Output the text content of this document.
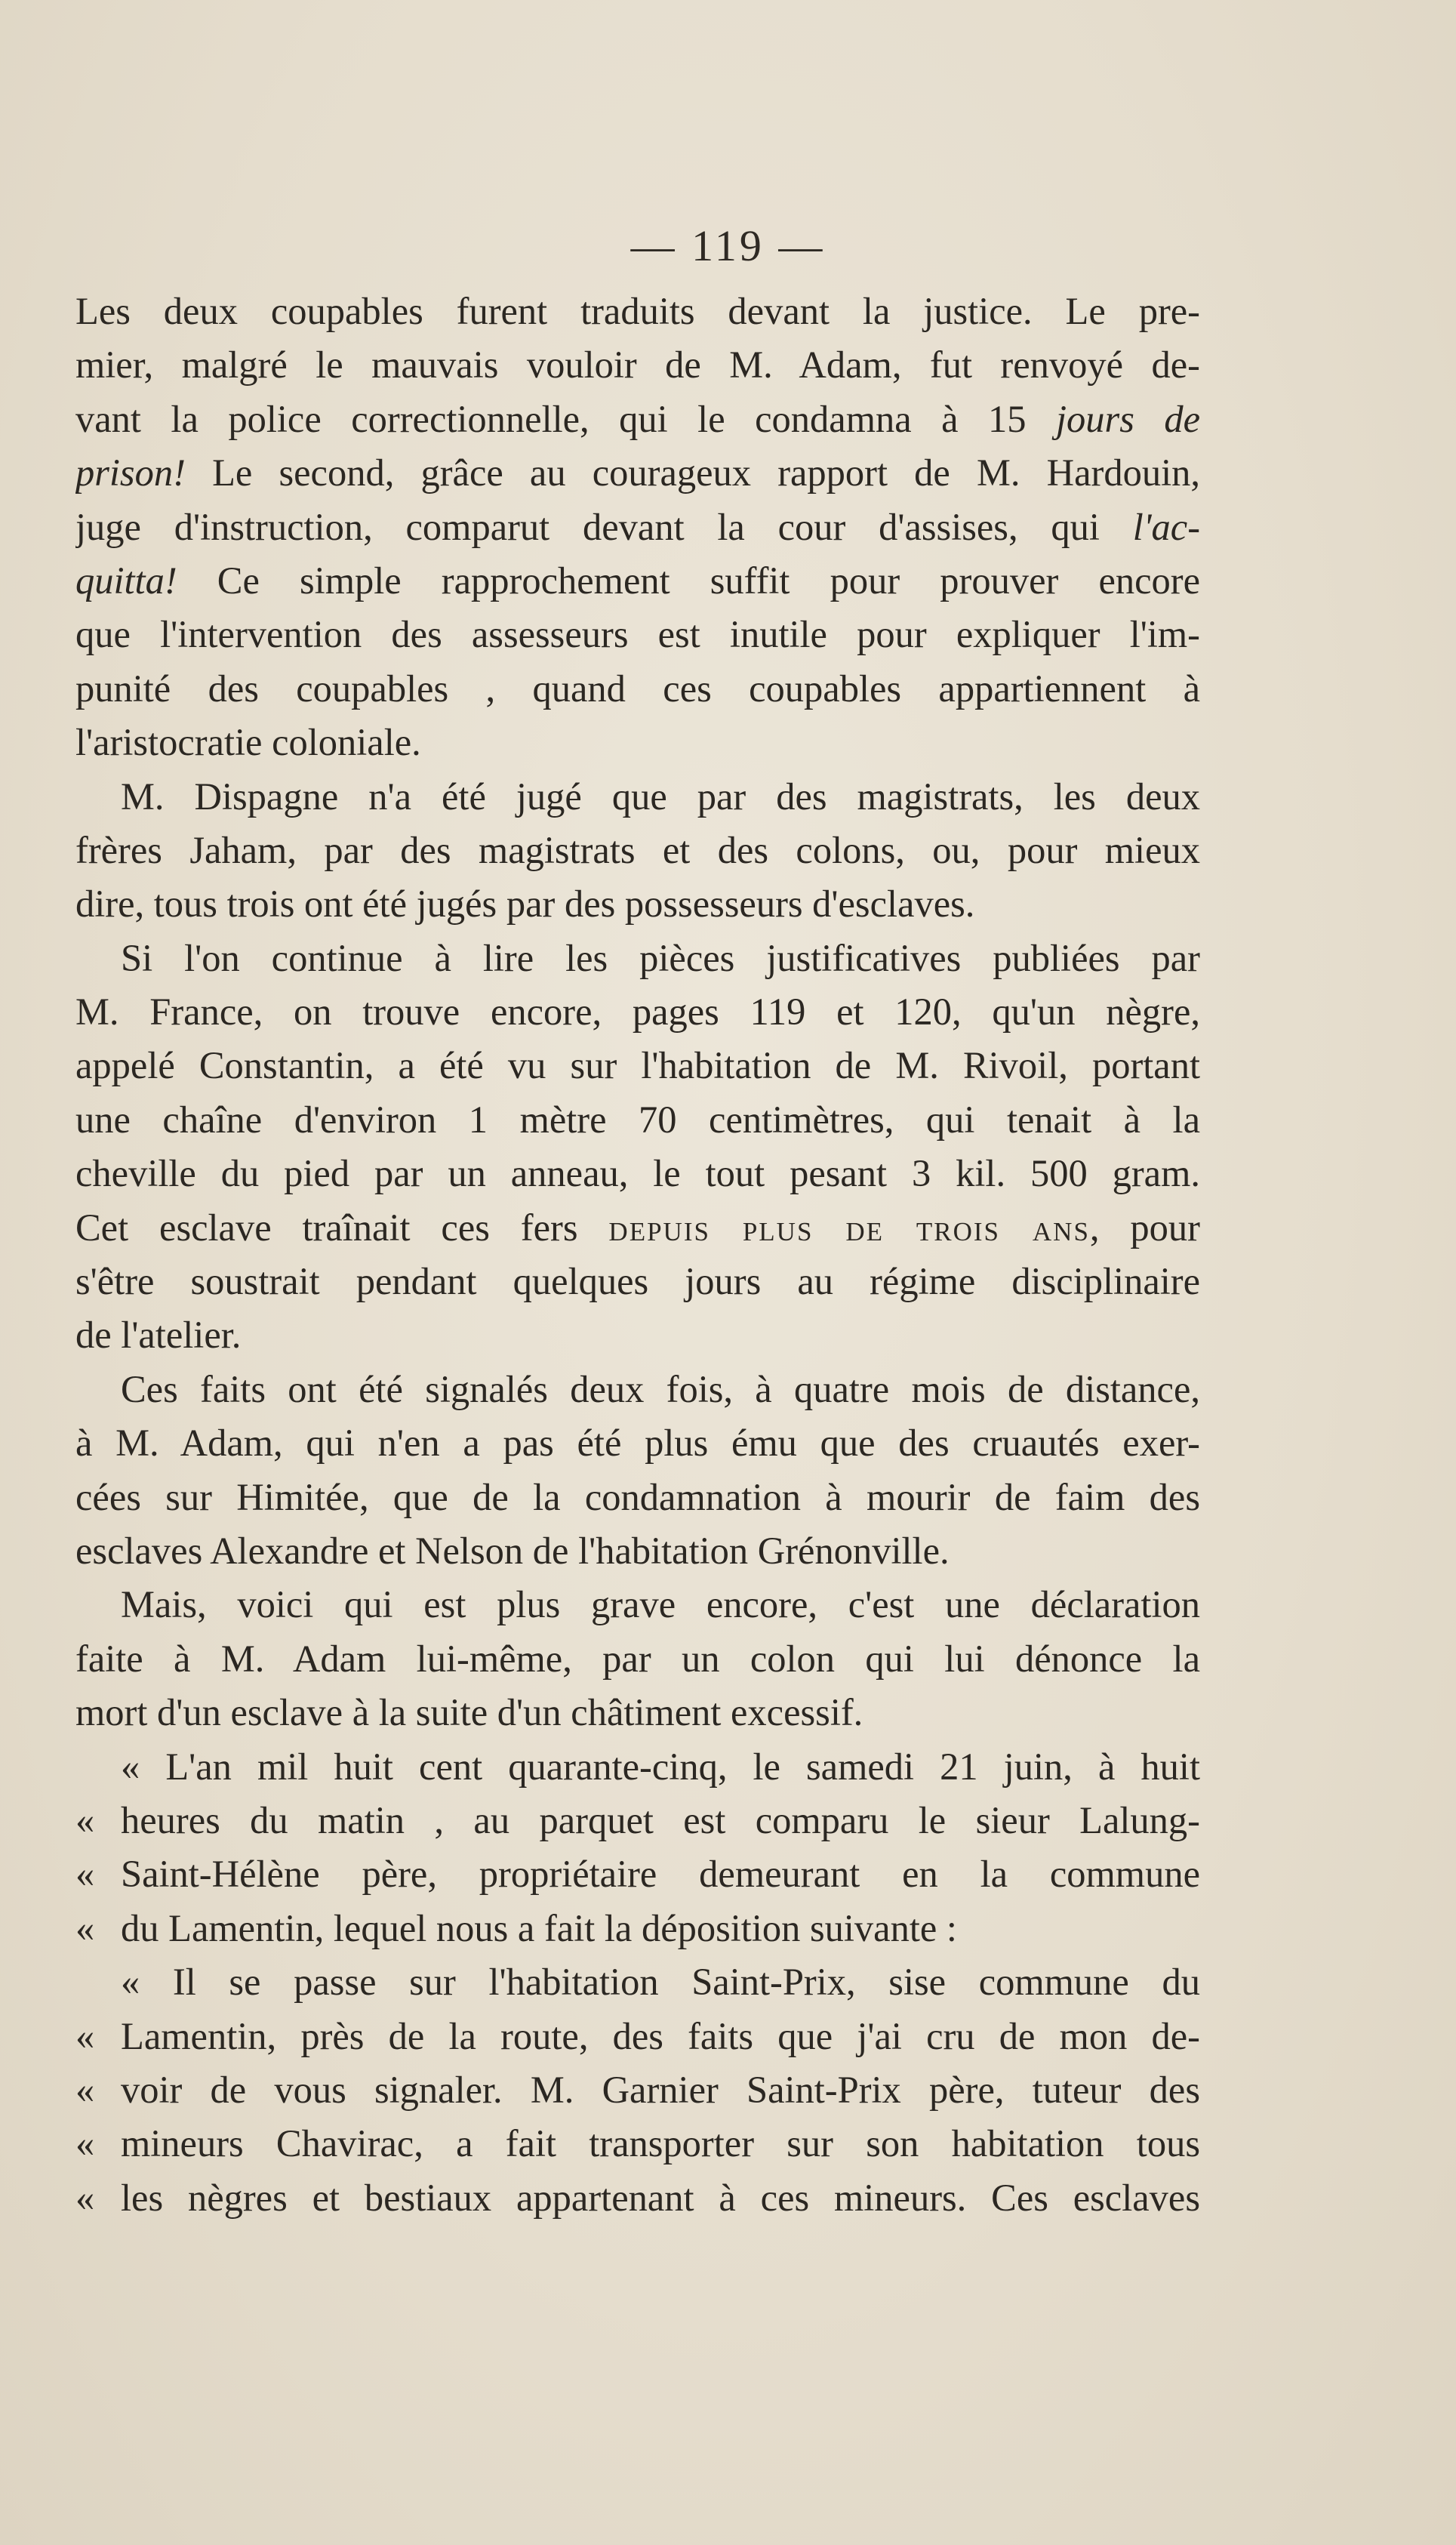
— 119 —
Les deux coupables furent traduits devant la justice. Le pre-
mier, malgré le mauvais vouloir de M. Adam, fut renvoyé de-
vant la police correctionnelle, qui le condamna à 15 jours de
prison! Le second, grâce au courageux rapport de M. Hardouin,
juge d'instruction, comparut devant la cour d'assises, qui l'ac-
quitta! Ce simple rapprochement suffit pour prouver encore
que l'intervention des assesseurs est inutile pour expliquer l'im-
punité des coupables , quand ces coupables appartiennent à
l'aristocratie coloniale.
M. Dispagne n'a été jugé que par des magistrats, les deux
frères Jaham, par des magistrats et des colons, ou, pour mieux
dire, tous trois ont été jugés par des possesseurs d'esclaves.
Si l'on continue à lire les pièces justificatives publiées par
M. France, on trouve encore, pages 119 et 120, qu'un nègre,
appelé Constantin, a été vu sur l'habitation de M. Rivoil, portant
une chaîne d'environ 1 mètre 70 centimètres, qui tenait à la
cheville du pied par un anneau, le tout pesant 3 kil. 500 gram.
Cet esclave traînait ces fers depuis plus de trois ans, pour
s'être soustrait pendant quelques jours au régime disciplinaire
de l'atelier.
Ces faits ont été signalés deux fois, à quatre mois de distance,
à M. Adam, qui n'en a pas été plus ému que des cruautés exer-
cées sur Himitée, que de la condamnation à mourir de faim des
esclaves Alexandre et Nelson de l'habitation Grénonville.
Mais, voici qui est plus grave encore, c'est une déclaration
faite à M. Adam lui-même, par un colon qui lui dénonce la
mort d'un esclave à la suite d'un châtiment excessif.
« L'an mil huit cent quarante-cinq, le samedi 21 juin, à huit
« heures du matin , au parquet est comparu le sieur Lalung-
« Saint-Hélène père, propriétaire demeurant en la commune
« du Lamentin, lequel nous a fait la déposition suivante :
« Il se passe sur l'habitation Saint-Prix, sise commune du
« Lamentin, près de la route, des faits que j'ai cru de mon de-
« voir de vous signaler. M. Garnier Saint-Prix père, tuteur des
« mineurs Chavirac, a fait transporter sur son habitation tous
« les nègres et bestiaux appartenant à ces mineurs. Ces esclaves
